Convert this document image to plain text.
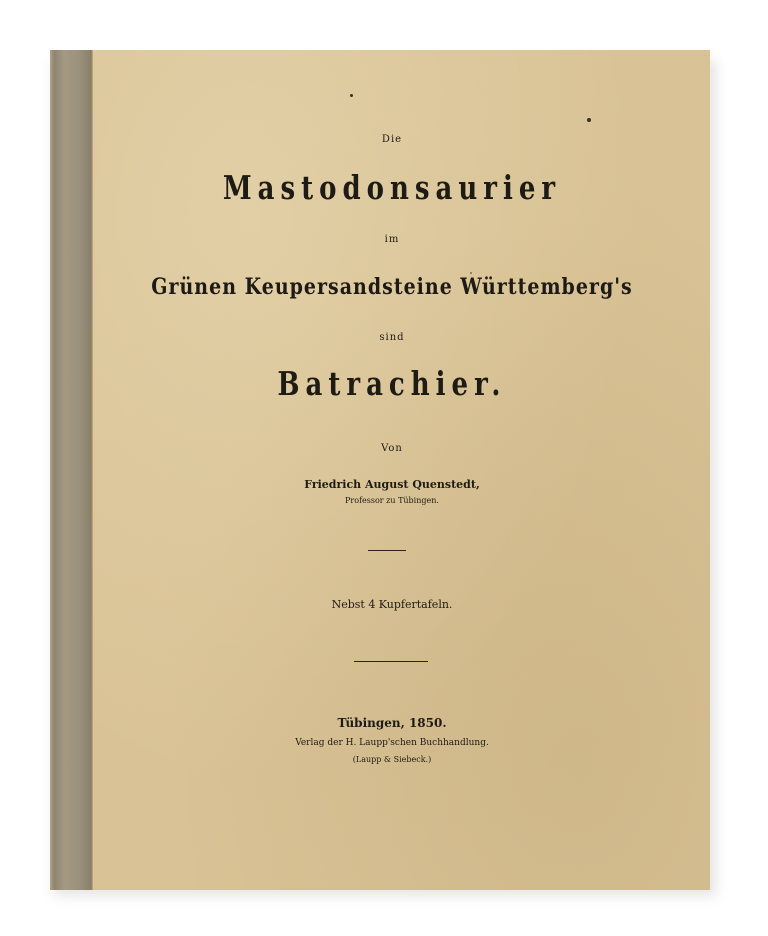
Die
Mastodonsaurier
im
Grünen Keupersandsteine Württemberg's
sind
Batrachier.
Von
Friedrich August Quenstedt,
Professor zu Tübingen.
Nebst 4 Kupfertafeln.
Tübingen, 1850.
Verlag der H. Laupp'schen Buchhandlung.
(Laupp & Siebeck.)
